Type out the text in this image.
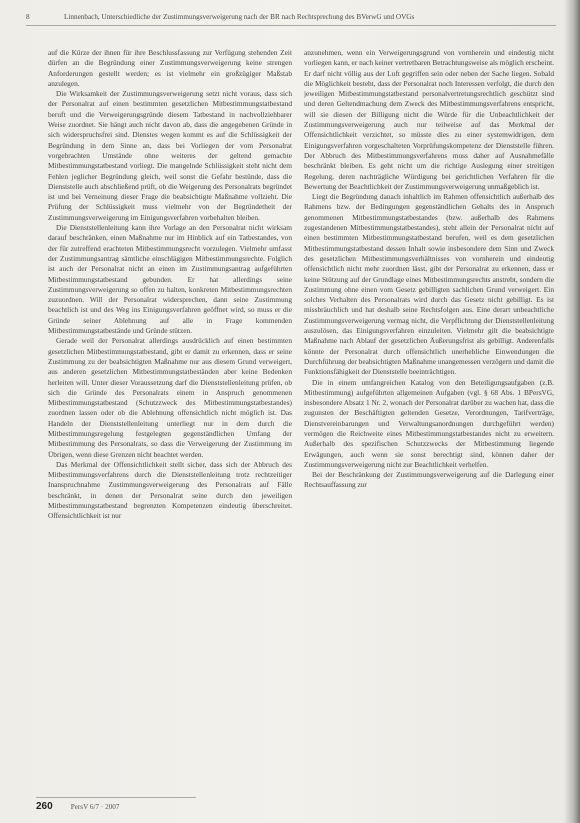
8	Linnenbach, Unterschiedliche der Zustimmungsverweigerung nach der BR nach Rechtsprechung des BVerwG und OVGs

auf die Kürze der ihnen für ihre Beschlussfassung zur Verfügung stehenden Zeit dürfen an die Begründung einer Zustimmungsverweigerung keine strengen Anforderungen gestellt werden; es ist vielmehr ein großzügiger Maßstab anzulegen.

Die Wirksamkeit der Zustimmungsverweigerung setzt nicht voraus, dass sich der Personalrat auf einen bestimmten gesetzlichen Mitbestimmungstatbestand beruft und die Verweigerungsgründe diesem Tatbestand in nachvollziehbarer Weise zuordnet. Sie hängt auch nicht davon ab, dass die angegebenen Gründe in sich widerspruchsfrei sind. Dienstes wegen kommt es auf die Schlüssigkeit der Begründung in dem Sinne an, dass bei Vorliegen der vom Personalrat vorgebrachten Umstände ohne weiteres der geltend gemachte Mitbestimmungstatbestand vorliegt. Die mangelnde Schlüssigkeit steht nicht dem Fehlen jeglicher Begründung gleich, weil sonst die Gefahr bestünde, dass die Dienststelle auch abschließend prüft, ob die Weigerung des Personalrats begründet ist und bei Verneinung dieser Frage die beabsichtigte Maßnahme vollzieht. Die Prüfung der Schlüssigkeit muss vielmehr von der Begründetheit der Zustimmungsverweigerung im Einigungsverfahren vorbehalten bleiben.

Die Dienststellenleitung kann ihre Vorlage an den Personalrat nicht wirksam darauf beschränken, einen Maßnahme nur im Hinblick auf ein Tatbestandes, von der für zutreffend erachteten Mitbestimmungsrecht vorzulegen. Vielmehr umfasst der Zustimmungsantrag sämtliche einschlägigen Mitbestimmungsrechte. Folglich ist auch der Personalrat nicht an einen im Zustimmungsantrag aufgeführten Mitbestimmungstatbestand gebunden. Er hat allerdings seine Zustimmungsverweigerung so offen zu halten, konkreten Mitbestimmungsrechten zuzuordnen. Will der Personalrat widersprechen, dann seine Zustimmung beachtlich ist und des Weg ins Einigungsverfahren geöffnet wird, so muss er die Gründe seiner Ablehnung auf alle in Frage kommenden Mitbestimmungstatbestände und Gründe stützen.

Gerade weil der Personalrat allerdings ausdrücklich auf einen bestimmten gesetzlichen Mitbestimmungstatbestand, gibt er damit zu erkennen, dass er seine Zustimmung zu der beabsichtigten Maßnahme nur aus diesem Grund verweigert, aus anderen gesetzlichen Mitbestimmungstatbeständen aber keine Bedenken herleiten will. Unter dieser Voraussetzung darf die Dienststellenleitung prüfen, ob sich die Gründe des Personalrats einem in Anspruch genommenen Mitbestimmungstatbestand (Schutzzweck des Mitbestimmungstatbestandes) zuordnen lassen oder ob die Ablehnung offensichtlich nicht möglich ist. Das Handeln der Dienststellenleitung unterliegt nur in dem durch die Mitbestimmungsregelung festgelegten gegenständlichen Umfang der Mitbestimmung des Personalrats, so dass die Verweigerung der Zustimmung im Übrigen, wenn diese Grenzen nicht beachtet werden.

Das Merkmal der Offensichtlichkeit stellt sicher, dass sich der Abbruch des Mitbestimmungsverfahrens durch die Dienststellenleitung trotz rechtzeitiger Inanspruchnahme Zustimmungsverweigerung des Personalrats auf Fälle beschränkt, in denen der Personalrat seine durch den jeweiligen Mitbestimmungstatbestand begrenzten Kompetenzen eindeutig überschreitet. Offensichtlichkeit ist nur

anzunehmen, wenn ein Verweigerungsgrund von vornherein und eindeutig nicht vorliegen kann, er nach keiner vertretbaren Betrachtungsweise als möglich erscheint. Er darf nicht völlig aus der Luft gegriffen sein oder neben der Sache liegen. Sobald die Möglichkeit besteht, dass der Personalrat noch Interessen verfolgt, die durch den jeweiligen Mitbestimmungstatbestand personalvertretungsrechtlich geschützt sind und deren Geltendmachung dem Zweck des Mitbestimmungsverfahrens entspricht, will sie diesen der Billigung nicht die Würde für die Unbeachtlichkeit der Zustimmungsverweigerung auch nur teilweise auf das Merkmal der Offensichtlichkeit verzichtet, so müsste dies zu einer systemwidrigen, dem Einigungsverfahren vorgeschalteten Vorprüfungskompetenz der Dienststelle führen. Der Abbruch des Mitbestimmungsverfahrens muss daher auf Ausnahmefälle beschränkt bleiben. Es geht nicht um die richtige Auslegung einer streitigen Regelung, deren nachträgliche Würdigung bei gerichtlichen Verfahren für die Bewertung der Beachtlichkeit der Zustimmungsverweigerung unmaßgeblich ist.

Liegt die Begründung danach inhaltlich im Rahmen offensichtlich außerhalb des Rahmens bzw. der Bedingungen gegenständlichen Gehalts des in Anspruch genommenen Mitbestimmungstatbestandes (bzw. außerhalb des Rahmens zugestandenen Mitbestimmungstatbestandes), steht allein der Personalrat nicht auf einen bestimmten Mitbestimmungstatbestand berufen, weil es dem gesetzlichen Mitbestimmungstatbestand dessen Inhalt sowie insbesondere dem Sinn und Zweck des gesetzlichen Mitbestimmungsverhältnisses von vornherein und eindeutig offensichtlich nicht mehr zuordnen lässt, gibt der Personalrat zu erkennen, dass er keine Stützung auf der Grundlage eines Mitbestimmungsrechts anstrebt, sondern die Zustimmung ohne einen vom Gesetz gebilligten sachlichen Grund verweigert. Ein solches Verhalten des Personalrats wird durch das Gesetz nicht gebilligt. Es ist missbräuchlich und hat deshalb seine Rechtsfolgen aus. Eine derart unbeachtliche Zustimmungsverweigerung vermag nicht, die Verpflichtung der Dienststellenleitung auszulösen, das Einigungsverfahren einzuleiten. Vielmehr gilt die beabsichtigte Maßnahme nach Ablauf der gesetzlichen Äußerungsfrist als gebilligt. Anderenfalls könnte der Personalrat durch offensichtlich unerhebliche Einwendungen die Durchführung der beabsichtigten Maßnahme unangemessen verzögern und damit die Funktionsfähigkeit der Dienststelle beeinträchtigen.

Die in einem umfangreichen Katalog von den Beteiligungsaufgaben (z.B. Mitbestimmung) aufgeführten allgemeinen Aufgaben (vgl. § 68 Abs. 1 BPersVG, insbesondere Absatz 1 Nr. 2, wonach der Personalrat darüber zu wachen hat, dass die zugunsten der Beschäftigten geltenden Gesetze, Verordnungen, Tarifverträge, Dienstvereinbarungen und Verwaltungsanordnungen durchgeführt werden) vermögen die Reichweite eines Mitbestimmungstatbestandes nicht zu erweitern. Außerhalb des spezifischen Schutzzwecks der Mitbestimmung liegende Erwägungen, auch wenn sie sonst berechtigt sind, können daher der Zustimmungsverweigerung nicht zur Beachtlichkeit verhelfen.

Bei der Beschränkung der Zustimmungsverweigerung auf die Darlegung einer Rechtsauffassung zur

260	PersV 6/7 · 2007
